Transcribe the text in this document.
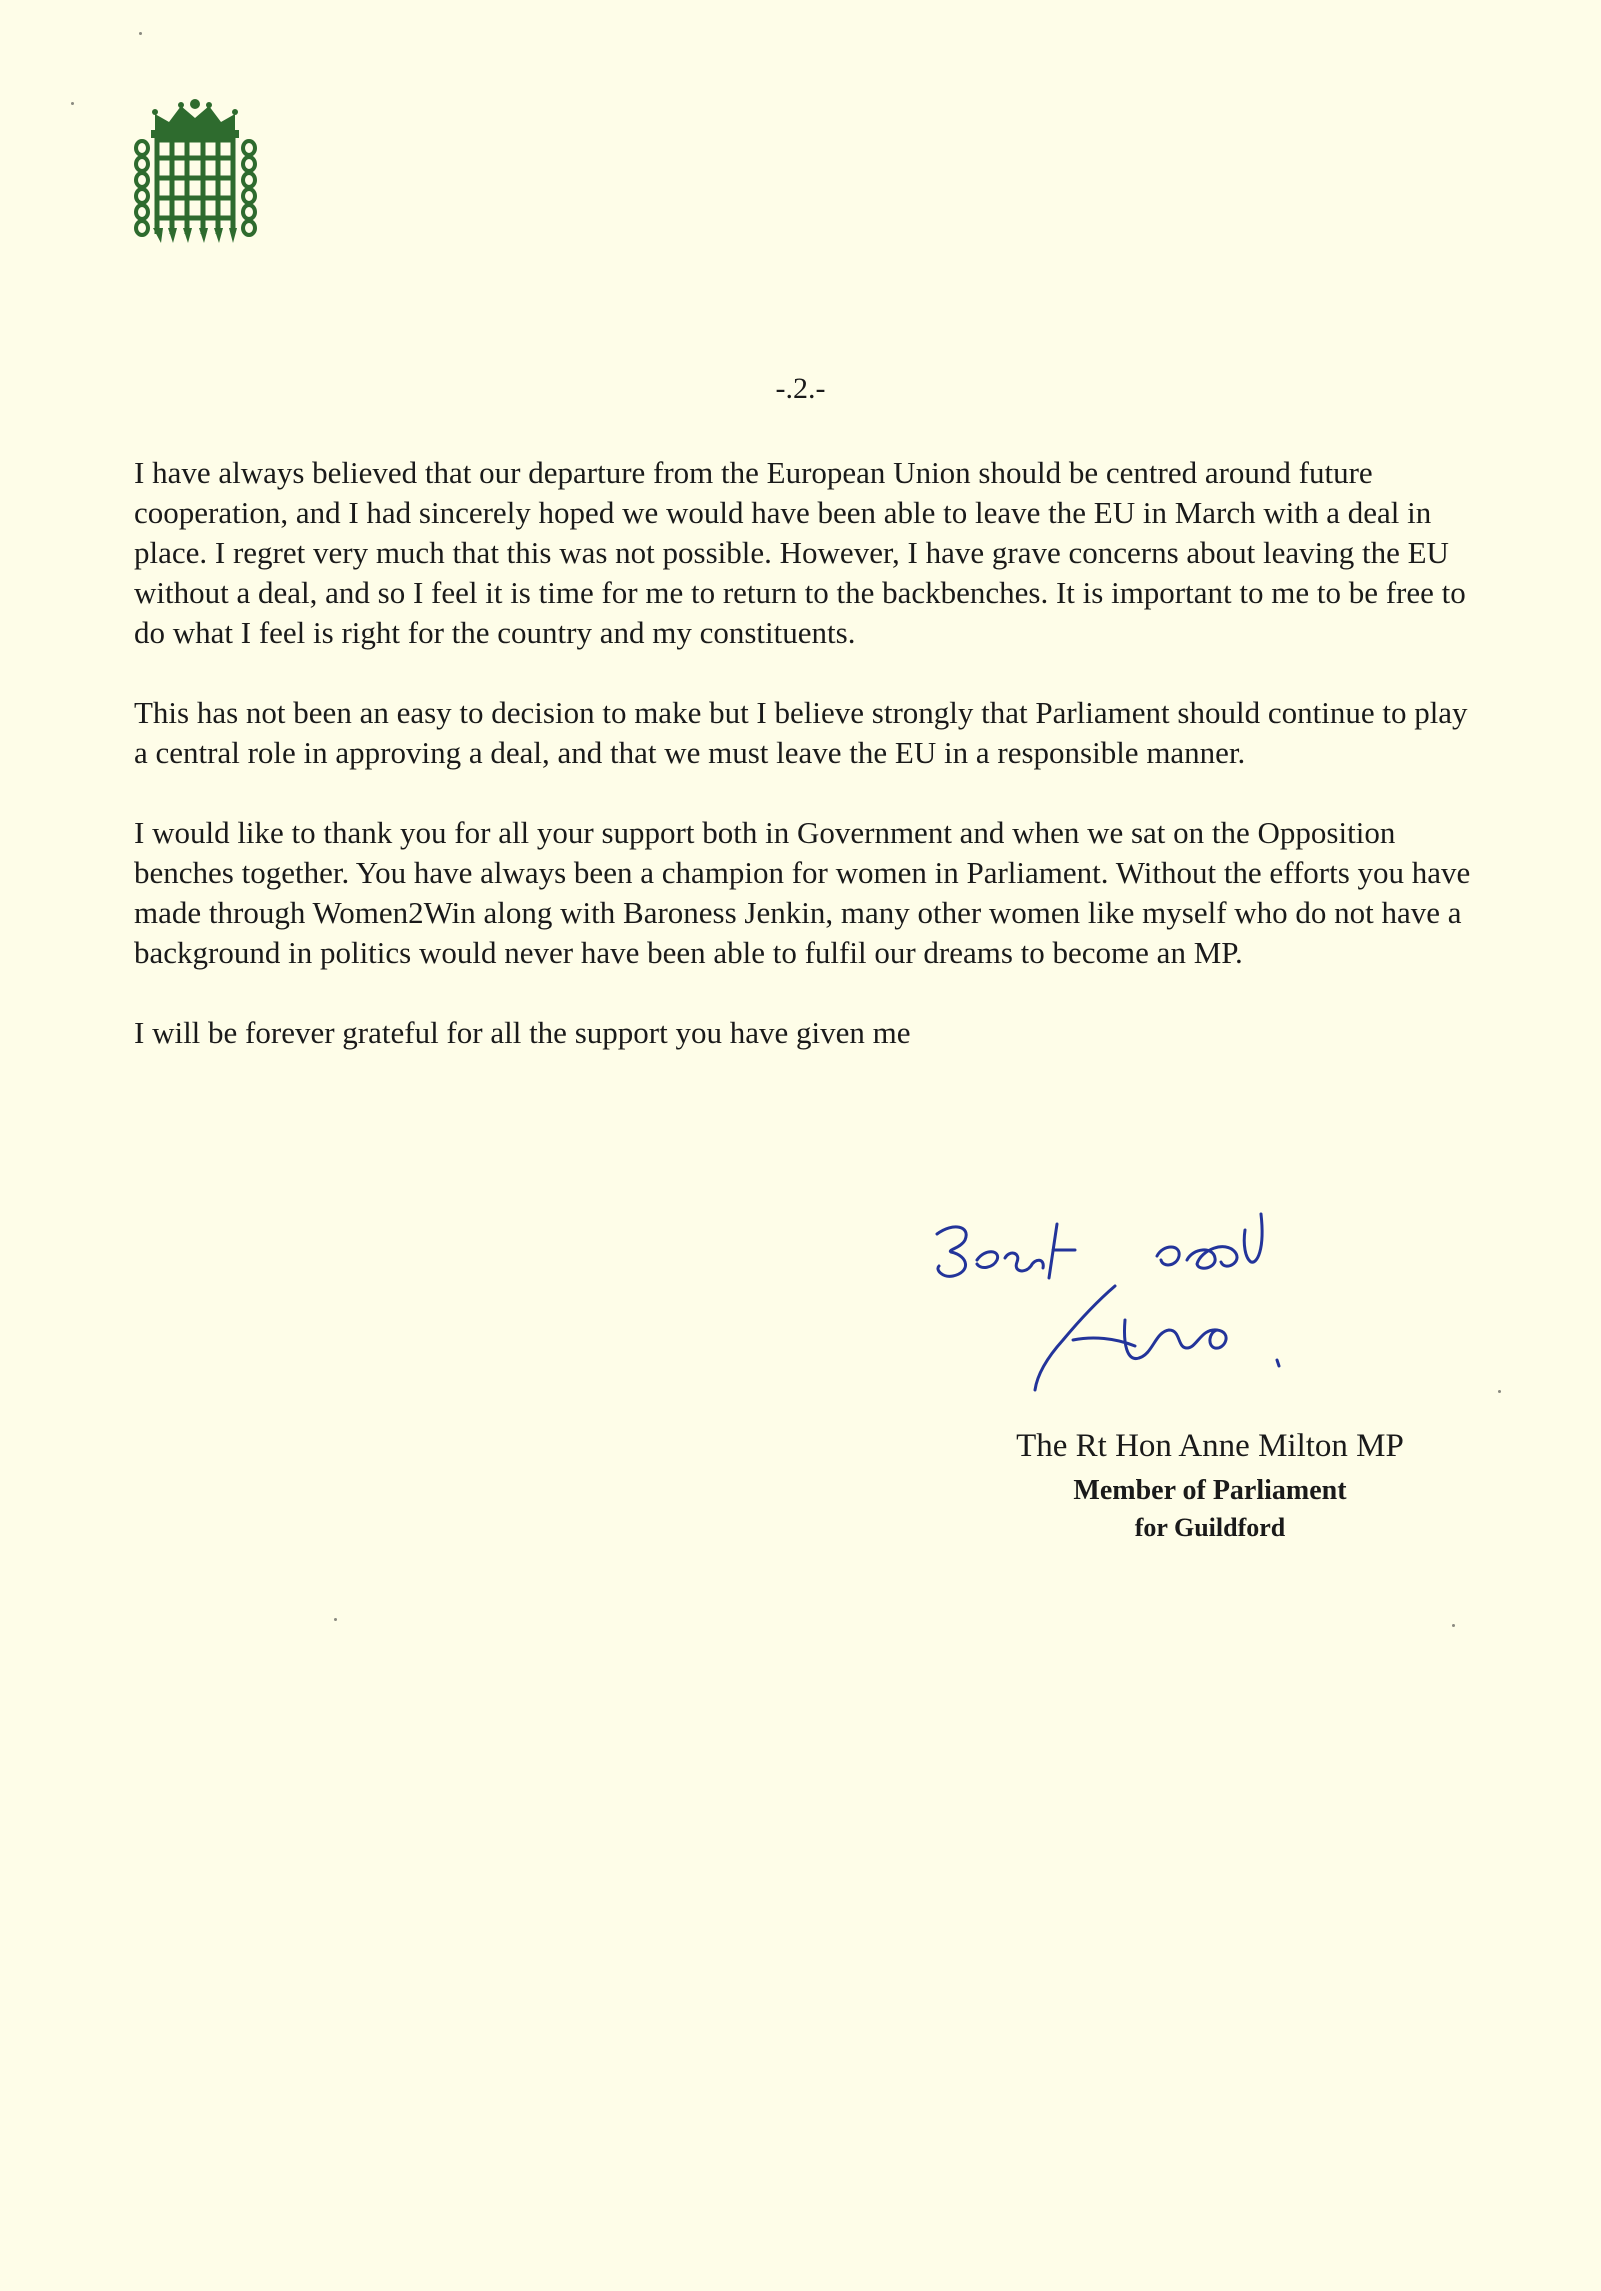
-.2.-

I have always believed that our departure from the European Union should be centred around future cooperation, and I had sincerely hoped we would have been able to leave the EU in March with a deal in place. I regret very much that this was not possible. However, I have grave concerns about leaving the EU without a deal, and so I feel it is time for me to return to the backbenches. It is important to me to be free to do what I feel is right for the country and my constituents.

This has not been an easy to decision to make but I believe strongly that Parliament should continue to play a central role in approving a deal, and that we must leave the EU in a responsible manner.

I would like to thank you for all your support both in Government and when we sat on the Opposition benches together. You have always been a champion for women in Parliament. Without the efforts you have made through Women2Win along with Baroness Jenkin, many other women like myself who do not have a background in politics would never have been able to fulfil our dreams to become an MP.

I will be forever grateful for all the support you have given me

The Rt Hon Anne Milton MP
Member of Parliament
for Guildford
